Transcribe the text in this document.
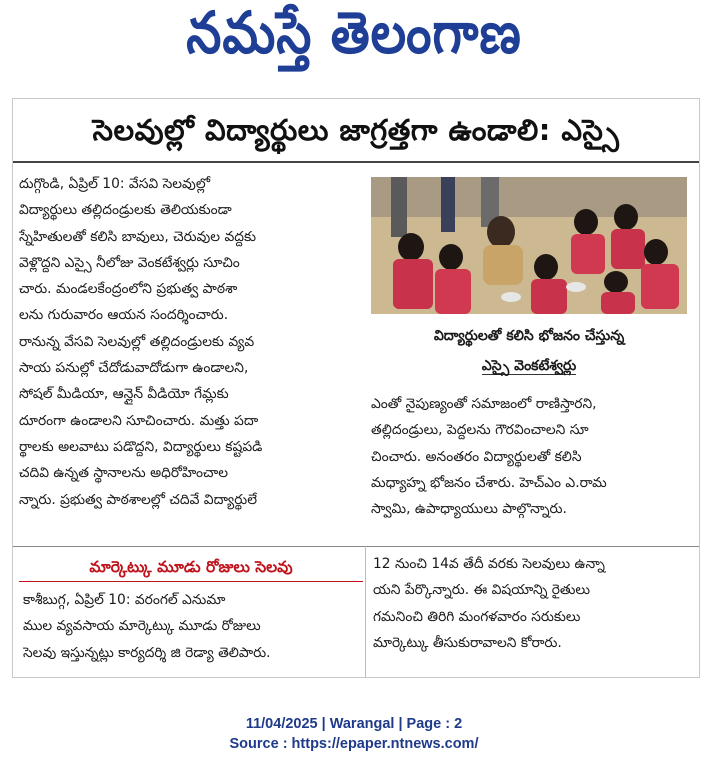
నమస్తే తెలంగాణ
సెలవుల్లో విద్యార్థులు జాగ్రత్తగా ఉండాలి: ఎస్సై
దుగ్గొండి, ఏప్రిల్ 10: వేసవి సెలవుల్లో
విద్యార్థులు తల్లిదండ్రులకు తెలియకుండా
స్నేహితులతో కలిసి బావులు, చెరువుల వద్దకు
వెళ్లొద్దని ఎస్సై నీలోజు వెంకటేశ్వర్లు సూచిం
చారు. మండలకేంద్రంలోని ప్రభుత్వ పాఠశా
లను గురువారం ఆయన సందర్శించారు.
రానున్న వేసవి సెలవుల్లో తల్లిదండ్రులకు వ్యవ
సాయ పనుల్లో చేదోడువాదోడుగా ఉండాలని,
సోషల్ మీడియా, ఆన్లైన్ వీడియో గేమ్లకు
దూరంగా ఉండాలని సూచించారు. మత్తు పదా
ర్థాలకు అలవాటు పడొద్దని, విద్యార్థులు కష్టపడి
చదివి ఉన్నత స్థానాలను అధిరోహించాల
న్నారు. ప్రభుత్వ పాఠశాలల్లో చదివే విద్యార్థులే
విద్యార్థులతో కలిసి భోజనం చేస్తున్న
ఎస్సై వెంకటేశ్వర్లు
ఎంతో నైపుణ్యంతో సమాజంలో రాణిస్తారని,
తల్లిదండ్రులు, పెద్దలను గౌరవించాలని సూ
చించారు. అనంతరం విద్యార్థులతో కలిసి
మధ్యాహ్న భోజనం చేశారు. హెచ్ఎం ఎ.రామ
స్వామి, ఉపాధ్యాయులు పాల్గొన్నారు.
మార్కెట్కు మూడు రోజులు సెలవు
కాశీబుగ్గ, ఏప్రిల్ 10: వరంగల్ ఎనుమా
ముల వ్యవసాయ మార్కెట్కు మూడు రోజులు
సెలవు ఇస్తున్నట్లు కార్యదర్శి జి రెడ్యా తెలిపారు.
12 నుంచి 14వ తేదీ వరకు సెలవులు ఉన్నా
యని పేర్కొన్నారు. ఈ విషయాన్ని రైతులు
గమనించి తిరిగి మంగళవారం సరుకులు
మార్కెట్కు తీసుకురావాలని కోరారు.
11/04/2025 | Warangal | Page : 2
Source : https://epaper.ntnews.com/
